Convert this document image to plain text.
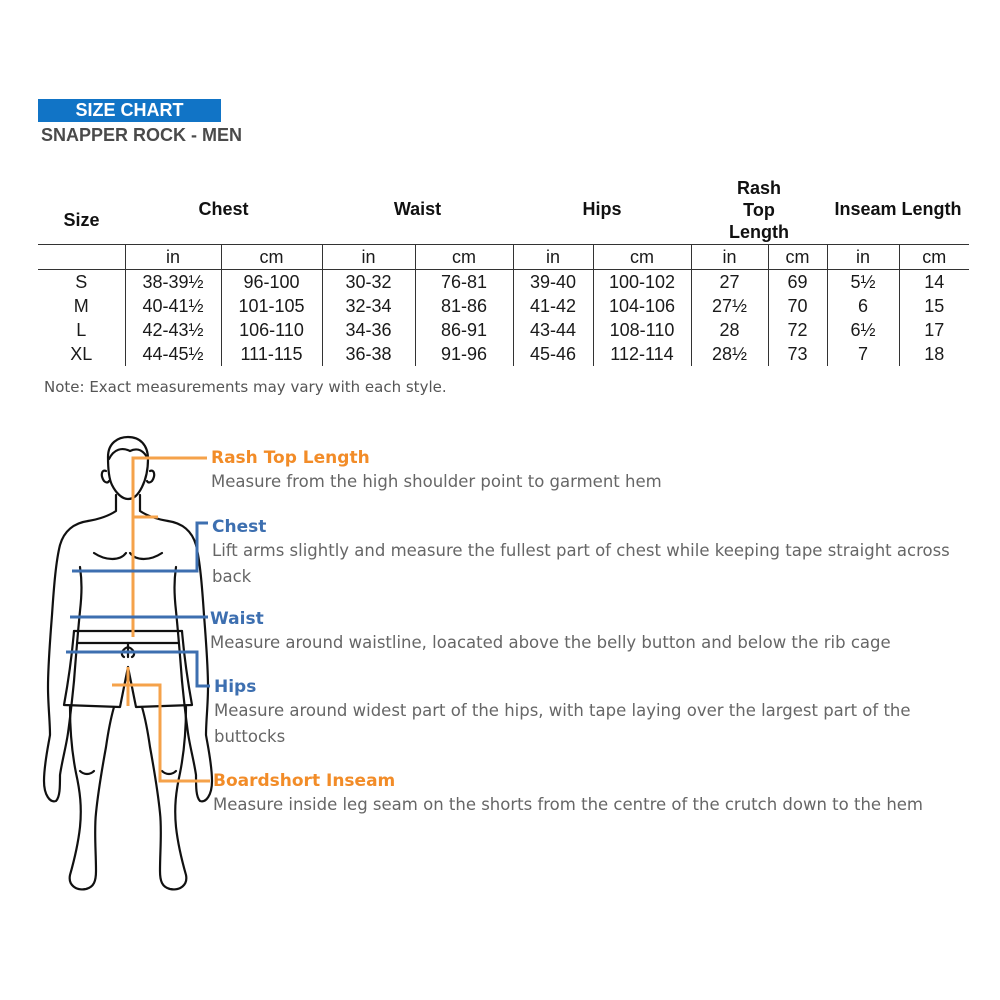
SIZE CHART
SNAPPER ROCK - MEN
Size	Chest		Waist		Hips		Rash Top Length		Inseam Length	
	in	cm	in	cm	in	cm	in	cm	in	cm
S	38-39½	96-100	30-32	76-81	39-40	100-102	27	69	5½	14
M	40-41½	101-105	32-34	81-86	41-42	104-106	27½	70	6	15
L	42-43½	106-110	34-36	86-91	43-44	108-110	28	72	6½	17
XL	44-45½	111-115	36-38	91-96	45-46	112-114	28½	73	7	18
Note: Exact measurements may vary with each style.
Rash Top Length
Measure from the high shoulder point to garment hem
Chest
Lift arms slightly and measure the fullest part of chest while keeping tape straight across back
Waist
Measure around waistline, loacated above the belly button and below the rib cage
Hips
Measure around widest part of the hips, with tape laying over the largest part of the buttocks
Boardshort Inseam
Measure inside leg seam on the shorts from the centre of the crutch down to the hem
